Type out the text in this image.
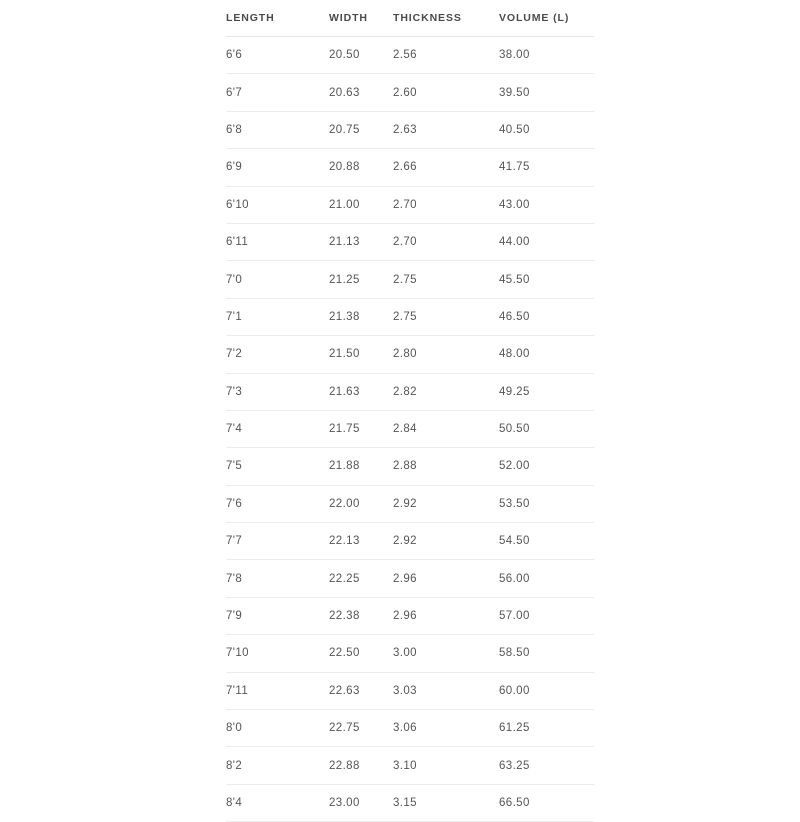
LENGTH	WIDTH	THICKNESS	VOLUME (L)
6'6	20.50	2.56	38.00
6'7	20.63	2.60	39.50
6'8	20.75	2.63	40.50
6'9	20.88	2.66	41.75
6'10	21.00	2.70	43.00
6'11	21.13	2.70	44.00
7'0	21.25	2.75	45.50
7'1	21.38	2.75	46.50
7'2	21.50	2.80	48.00
7'3	21.63	2.82	49.25
7'4	21.75	2.84	50.50
7'5	21.88	2.88	52.00
7'6	22.00	2.92	53.50
7'7	22.13	2.92	54.50
7'8	22.25	2.96	56.00
7'9	22.38	2.96	57.00
7'10	22.50	3.00	58.50
7'11	22.63	3.03	60.00
8'0	22.75	3.06	61.25
8'2	22.88	3.10	63.25
8'4	23.00	3.15	66.50
